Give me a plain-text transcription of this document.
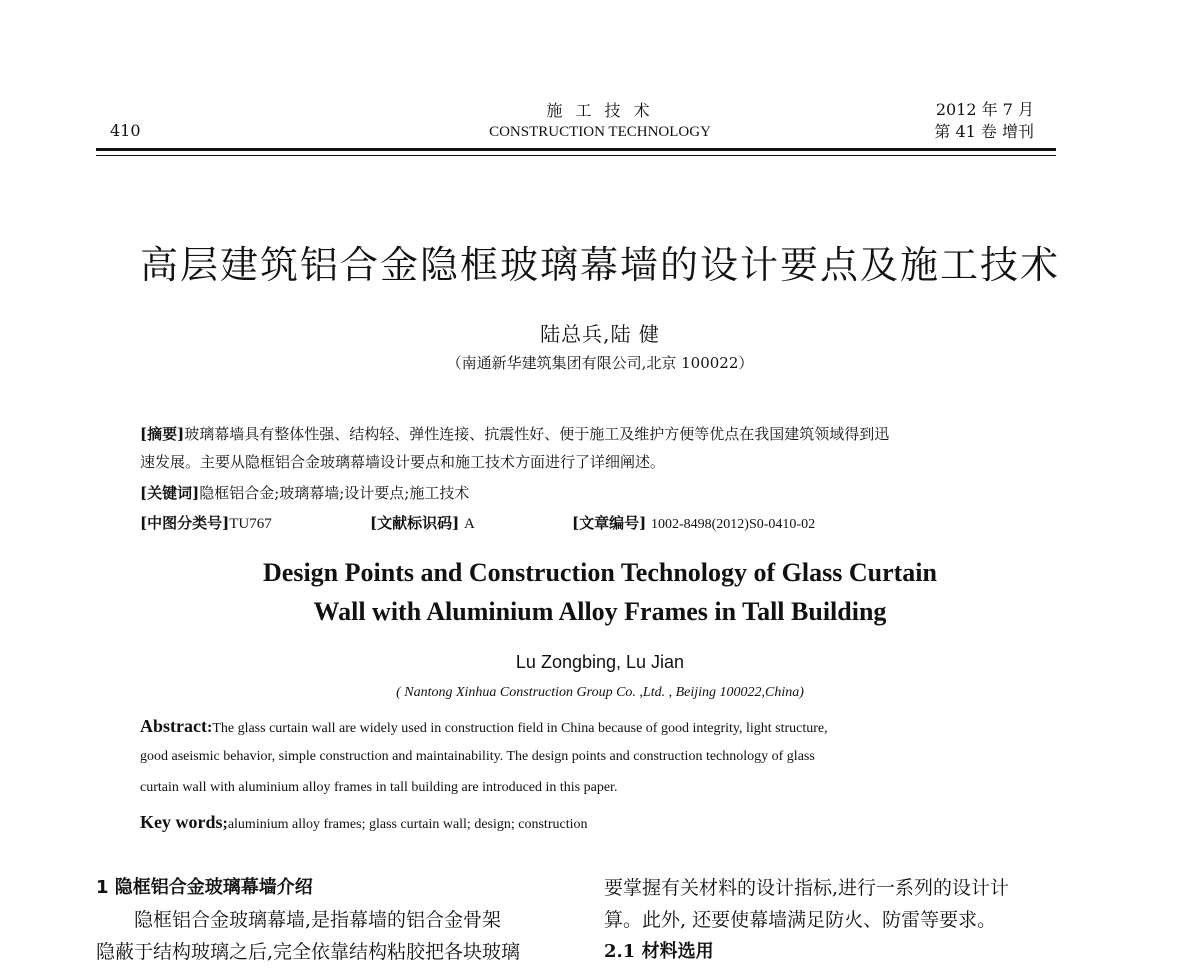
410
施 工 技 术
CONSTRUCTION TECHNOLOGY
2012 年 7 月
第 41 卷 增刊
高层建筑铝合金隐框玻璃幕墙的设计要点及施工技术
陆总兵,陆 健
（南通新华建筑集团有限公司,北京 100022）
[摘要]玻璃幕墙具有整体性强、结构轻、弹性连接、抗震性好、便于施工及维护方便等优点在我国建筑领域得到迅
速发展。主要从隐框铝合金玻璃幕墙设计要点和施工技术方面进行了详细阐述。
[关键词]隐框铝合金;玻璃幕墙;设计要点;施工技术
[中图分类号]TU767	[文献标识码] A	[文章编号] 1002-8498(2012)S0-0410-02
Design Points and Construction Technology of Glass Curtain
Wall with Aluminium Alloy Frames in Tall Building
Lu Zongbing, Lu Jian
( Nantong Xinhua Construction Group Co. ,Ltd. , Beijing 100022,China)
Abstract:The glass curtain wall are widely used in construction field in China because of good integrity, light structure,
good aseismic behavior, simple construction and maintainability. The design points and construction technology of glass
curtain wall with aluminium alloy frames in tall building are introduced in this paper.
Key words;aluminium alloy frames; glass curtain wall; design; construction
1 隐框铝合金玻璃幕墙介绍
隐框铝合金玻璃幕墙,是指幕墙的铝合金骨架
隐蔽于结构玻璃之后,完全依靠结构粘胶把各块玻璃
要掌握有关材料的设计指标,进行一系列的设计计
算。此外, 还要使幕墙满足防火、防雷等要求。
2.1 材料选用
